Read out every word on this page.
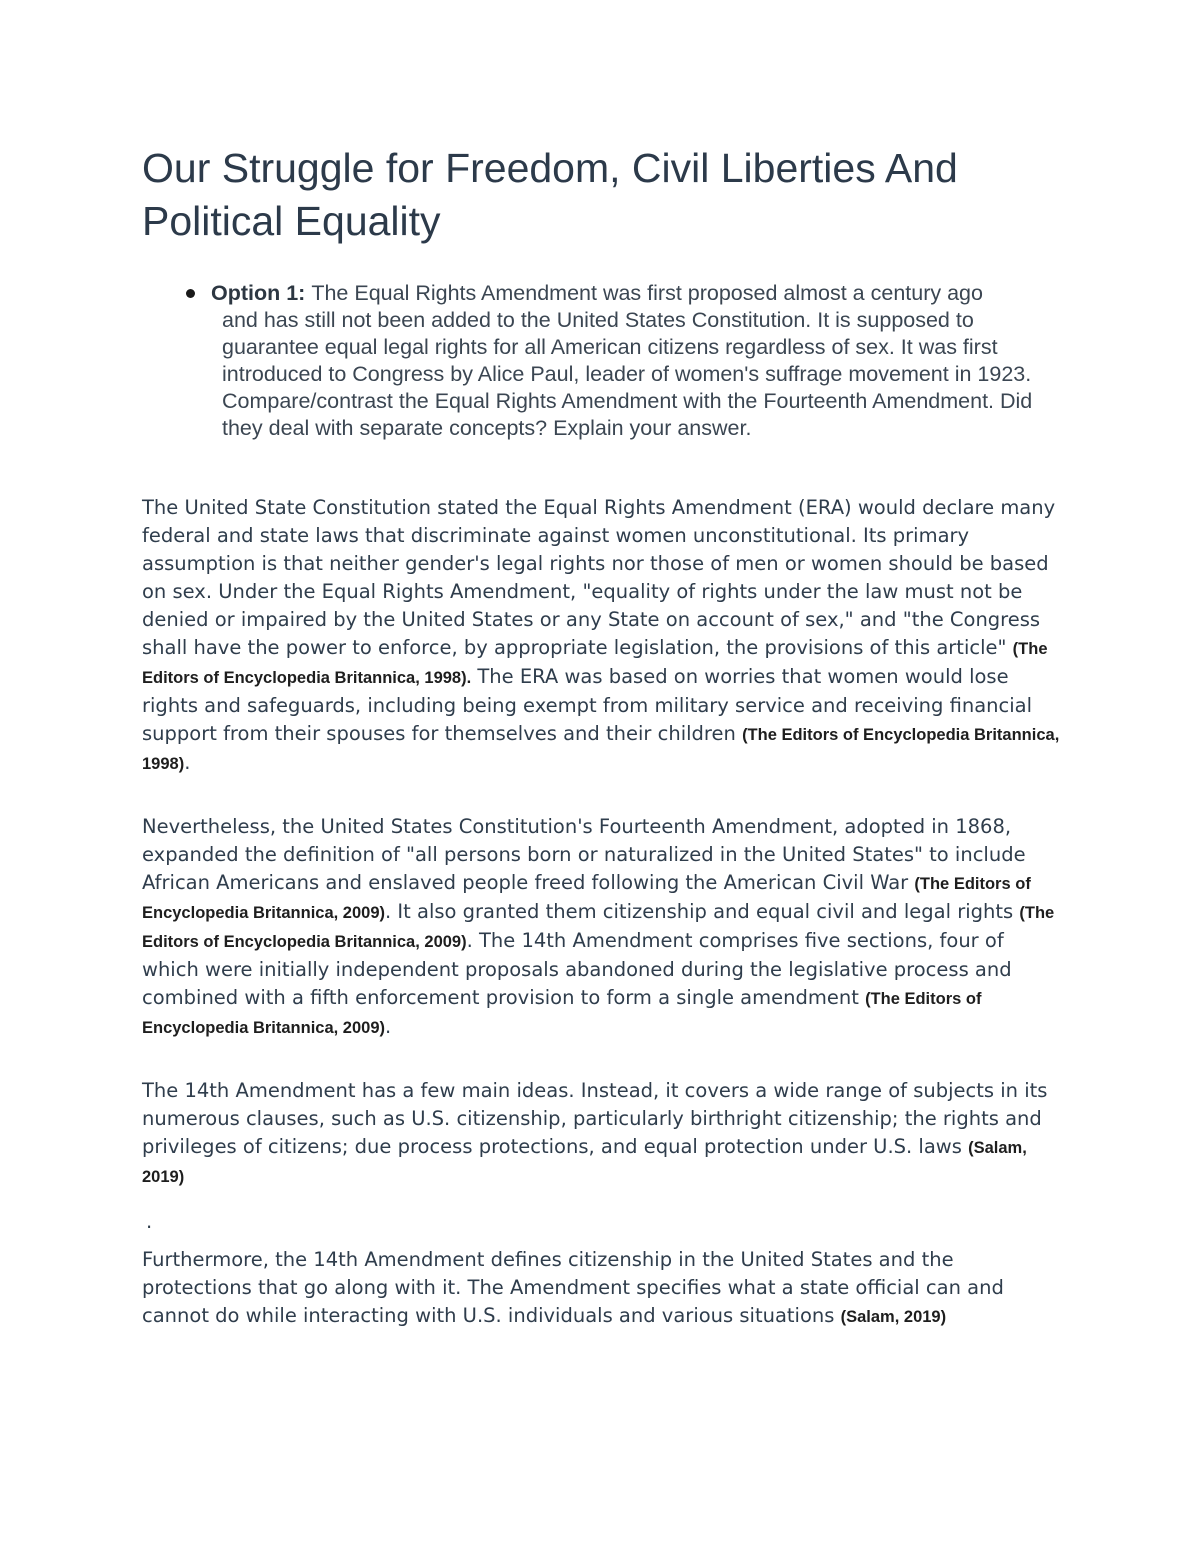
Our Struggle for Freedom, Civil Liberties And Political Equality
Option 1: The Equal Rights Amendment was first proposed almost a century ago

and has still not been added to the United States Constitution. It is supposed to guarantee equal legal rights for all American citizens regardless of sex. It was first introduced to Congress by Alice Paul, leader of women's suffrage movement in 1923. Compare/contrast the Equal Rights Amendment with the Fourteenth Amendment. Did they deal with separate concepts? Explain your answer.

The United State Constitution stated the Equal Rights Amendment (ERA) would declare many federal and state laws that discriminate against women unconstitutional. Its primary assumption is that neither gender's legal rights nor those of men or women should be based on sex. Under the Equal Rights Amendment, "equality of rights under the law must not be denied or impaired by the United States or any State on account of sex," and "the Congress shall have the power to enforce, by appropriate legislation, the provisions of this article" (The Editors of Encyclopedia Britannica, 1998). The ERA was based on worries that women would lose rights and safeguards, including being exempt from military service and receiving financial support from their spouses for themselves and their children (The Editors of Encyclopedia Britannica, 1998).

Nevertheless, the United States Constitution's Fourteenth Amendment, adopted in 1868, expanded the definition of "all persons born or naturalized in the United States" to include African Americans and enslaved people freed following the American Civil War (The Editors of Encyclopedia Britannica, 2009). It also granted them citizenship and equal civil and legal rights (The Editors of Encyclopedia Britannica, 2009). The 14th Amendment comprises five sections, four of which were initially independent proposals abandoned during the legislative process and combined with a fifth enforcement provision to form a single amendment (The Editors of Encyclopedia Britannica, 2009).

The 14th Amendment has a few main ideas. Instead, it covers a wide range of subjects in its numerous clauses, such as U.S. citizenship, particularly birthright citizenship; the rights and privileges of citizens; due process protections, and equal protection under U.S. laws (Salam, 2019)

.

Furthermore, the 14th Amendment defines citizenship in the United States and the protections that go along with it. The Amendment specifies what a state official can and cannot do while interacting with U.S. individuals and various situations (Salam, 2019)
